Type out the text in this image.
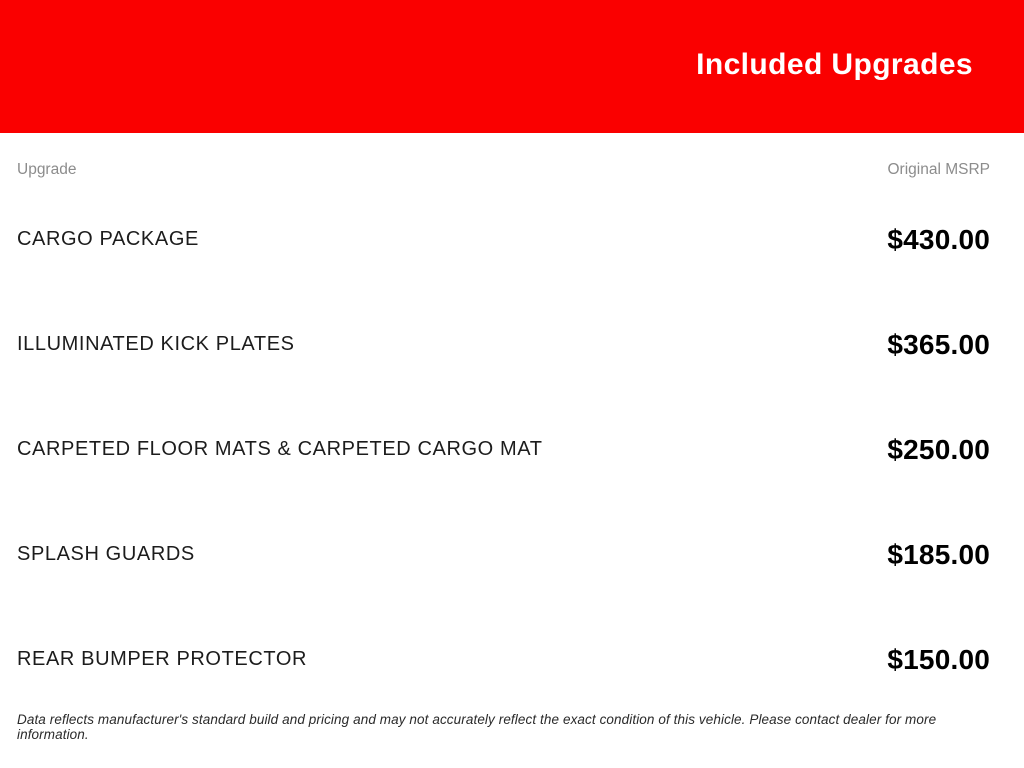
Included Upgrades
Upgrade	Original MSRP
CARGO PACKAGE	$430.00
ILLUMINATED KICK PLATES	$365.00
CARPETED FLOOR MATS & CARPETED CARGO MAT	$250.00
SPLASH GUARDS	$185.00
REAR BUMPER PROTECTOR	$150.00
Data reflects manufacturer's standard build and pricing and may not accurately reflect the exact condition of this vehicle. Please contact dealer for more information.
